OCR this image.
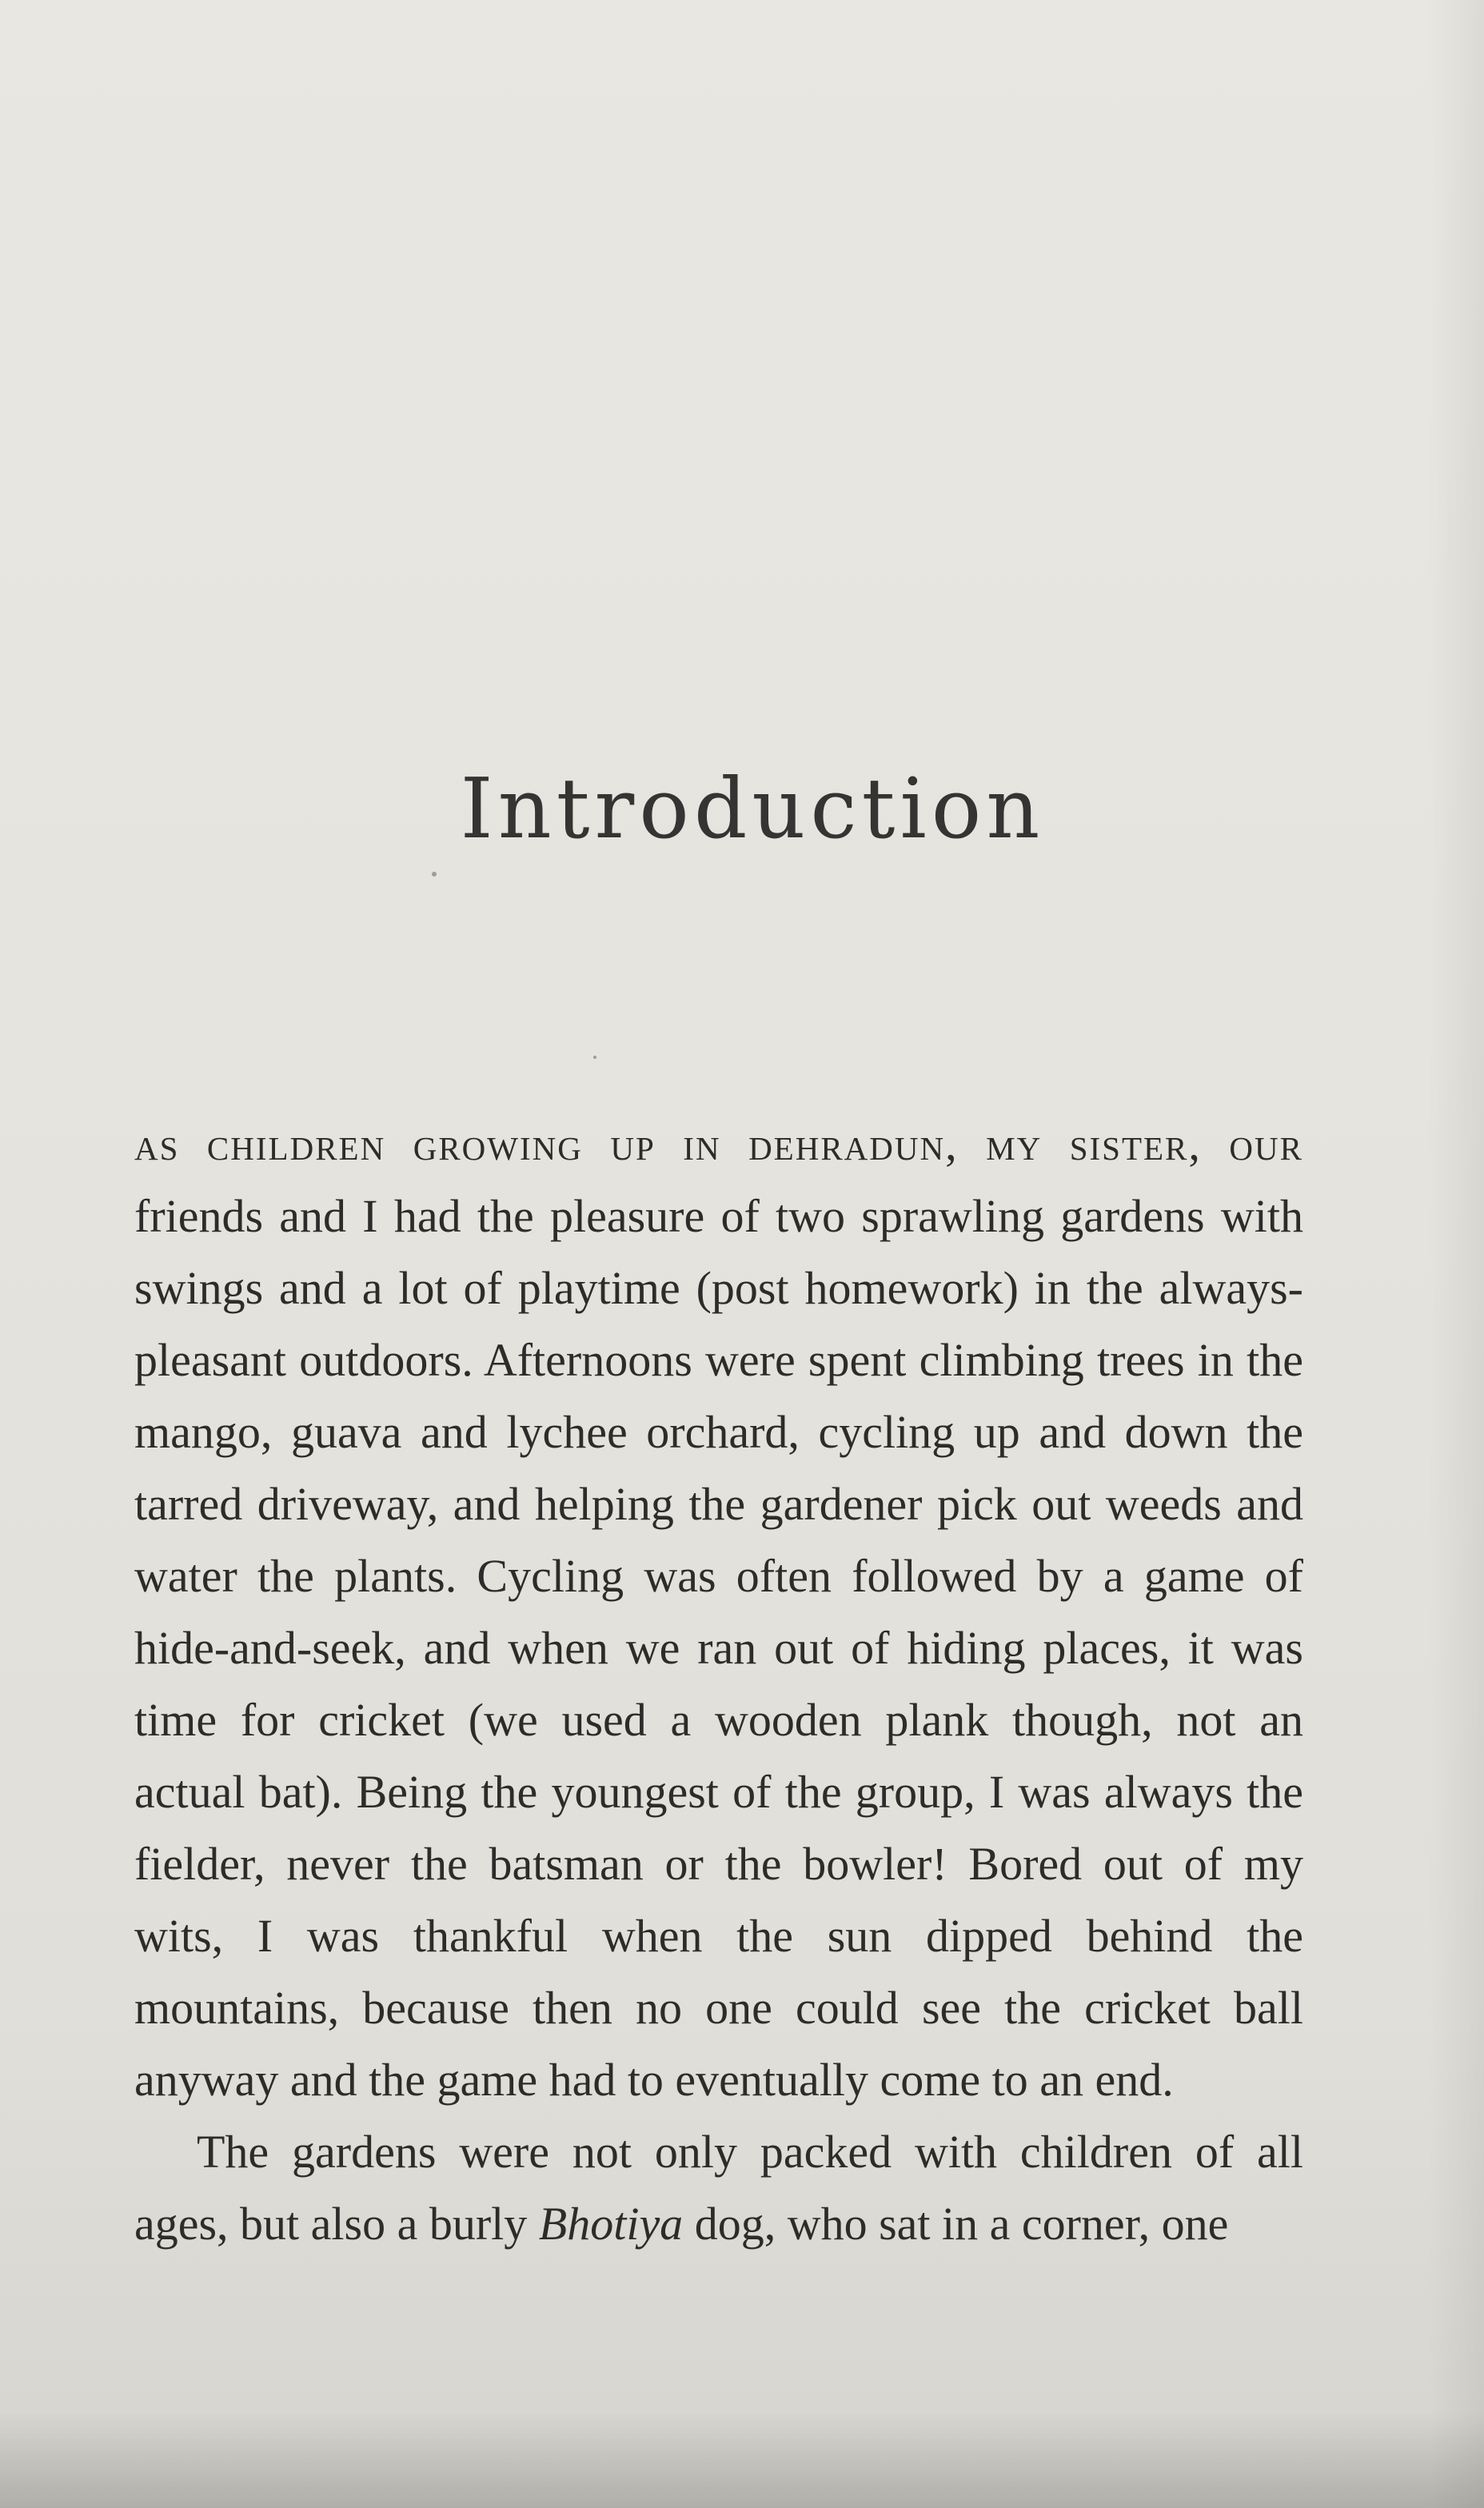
Introduction

as children growing up in dehradun, my sister, our friends and I had the pleasure of two sprawling gardens with swings and a lot of playtime (post homework) in the always-pleasant outdoors. Afternoons were spent climbing trees in the mango, guava and lychee orchard, cycling up and down the tarred driveway, and helping the gardener pick out weeds and water the plants. Cycling was often followed by a game of hide-and-seek, and when we ran out of hiding places, it was time for cricket (we used a wooden plank though, not an actual bat). Being the youngest of the group, I was always the fielder, never the batsman or the bowler! Bored out of my wits, I was thankful when the sun dipped behind the mountains, because then no one could see the cricket ball anyway and the game had to eventually come to an end.

The gardens were not only packed with children of all ages, but also a burly Bhotiya dog, who sat in a corner, one
